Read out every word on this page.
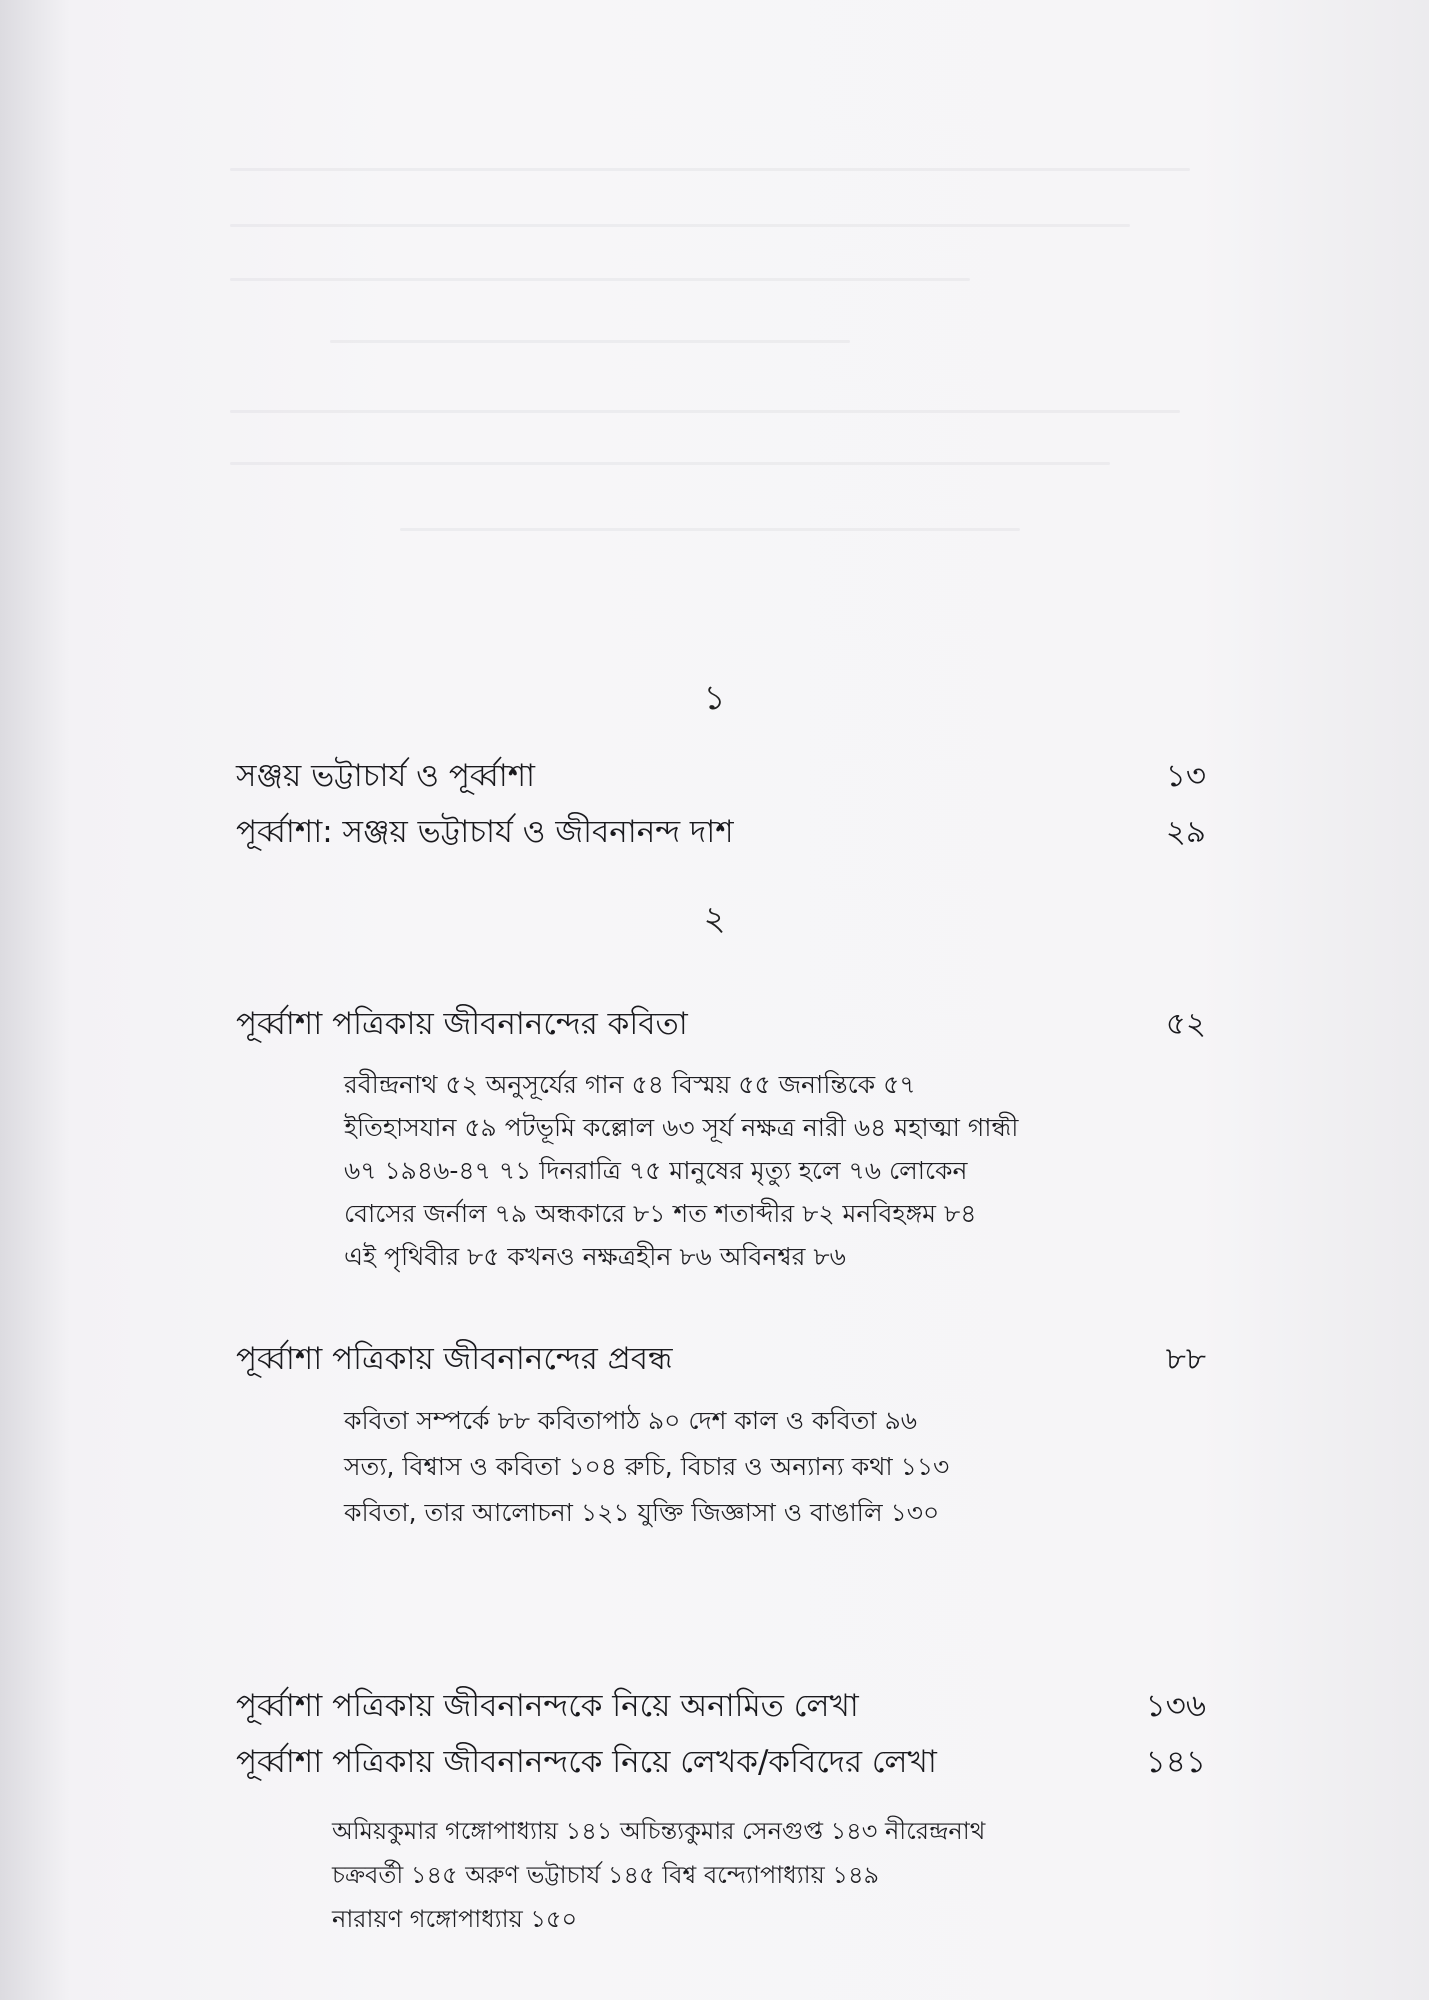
১
সঞ্জয় ভট্টাচার্য ও পূর্ব্বাশা	১৩
পূর্ব্বাশা: সঞ্জয় ভট্টাচার্য ও জীবনানন্দ দাশ	২৯
২
পূর্ব্বাশা পত্রিকায় জীবনানন্দের কবিতা	৫২
রবীন্দ্রনাথ ৫২ অনুসূর্যের গান ৫৪ বিস্ময় ৫৫ জনান্তিকে ৫৭
ইতিহাসযান ৫৯ পটভূমি কল্লোল ৬৩ সূর্য নক্ষত্র নারী ৬৪ মহাত্মা গান্ধী
৬৭ ১৯৪৬-৪৭ ৭১ দিনরাত্রি ৭৫ মানুষের মৃত্যু হলে ৭৬ লোকেন
বোসের জর্নাল ৭৯ অন্ধকারে ৮১ শত শতাব্দীর ৮২ মনবিহঙ্গম ৮৪
এই পৃথিবীর ৮৫ কখনও নক্ষত্রহীন ৮৬ অবিনশ্বর ৮৬
পূর্ব্বাশা পত্রিকায় জীবনানন্দের প্রবন্ধ	৮৮
কবিতা সম্পর্কে ৮৮ কবিতাপাঠ ৯০ দেশ কাল ও কবিতা ৯৬
সত্য, বিশ্বাস ও কবিতা ১০৪ রুচি, বিচার ও অন্যান্য কথা ১১৩
কবিতা, তার আলোচনা ১২১ যুক্তি জিজ্ঞাসা ও বাঙালি ১৩০
পূর্ব্বাশা পত্রিকায় জীবনানন্দকে নিয়ে অনামিত লেখা	১৩৬
পূর্ব্বাশা পত্রিকায় জীবনানন্দকে নিয়ে লেখক/কবিদের লেখা	১৪১
অমিয়কুমার গঙ্গোপাধ্যায় ১৪১ অচিন্ত্যকুমার সেনগুপ্ত ১৪৩ নীরেন্দ্রনাথ
চক্রবর্তী ১৪৫ অরুণ ভট্টাচার্য ১৪৫ বিশ্ব বন্দ্যোপাধ্যায় ১৪৯
নারায়ণ গঙ্গোপাধ্যায় ১৫০
